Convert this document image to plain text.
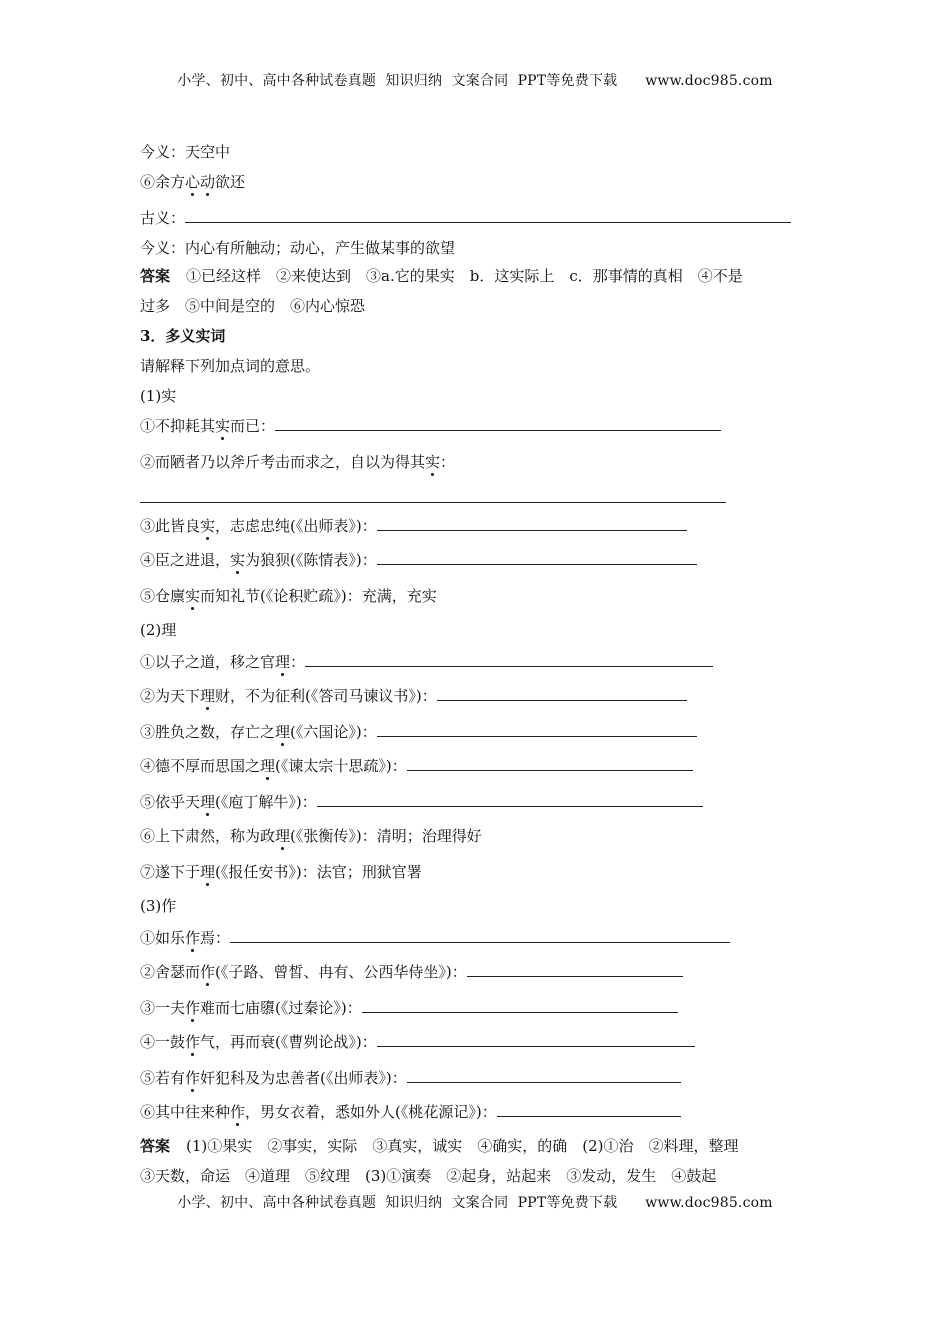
小学、初中、高中各种试卷真题  知识归纳  文案合同  PPT等免费下载      www.doc985.com
今义：天空中
⑥余方心动欲还
古义：
今义：内心有所触动；动心，产生做某事的欲望
答案 ①已经这样　②来使达到　③a.它的果实　b．这实际上　c．那事情的真相　④不是
过多　⑤中间是空的　⑥内心惊恐
3．多义实词
请解释下列加点词的意思。
(1)实
①不抑耗其实而已：
②而陋者乃以斧斤考击而求之，自以为得其实：
③此皆良实，志虑忠纯(《出师表》)：
④臣之进退，实为狼狈(《陈情表》)：
⑤仓廪实而知礼节(《论积贮疏》)：充满，充实
(2)理
①以子之道，移之官理：
②为天下理财，不为征利(《答司马谏议书》)：
③胜负之数，存亡之理(《六国论》)：
④德不厚而思国之理(《谏太宗十思疏》)：
⑤依乎天理(《庖丁解牛》)：
⑥上下肃然，称为政理(《张衡传》)：清明；治理得好
⑦遂下于理(《报任安书》)：法官；刑狱官署
(3)作
①如乐作焉：
②舍瑟而作(《子路、曾皙、冉有、公西华侍坐》)：
③一夫作难而七庙隳(《过秦论》)：
④一鼓作气，再而衰(《曹刿论战》)：
⑤若有作奸犯科及为忠善者(《出师表》)：
⑥其中往来种作，男女衣着，悉如外人(《桃花源记》)：
答案 (1)①果实　②事实，实际　③真实，诚实　④确实，的确　(2)①治　②料理，整理
③天数，命运　④道理　⑤纹理　(3)①演奏　②起身，站起来　③发动，发生　④鼓起
小学、初中、高中各种试卷真题  知识归纳  文案合同  PPT等免费下载      www.doc985.com
